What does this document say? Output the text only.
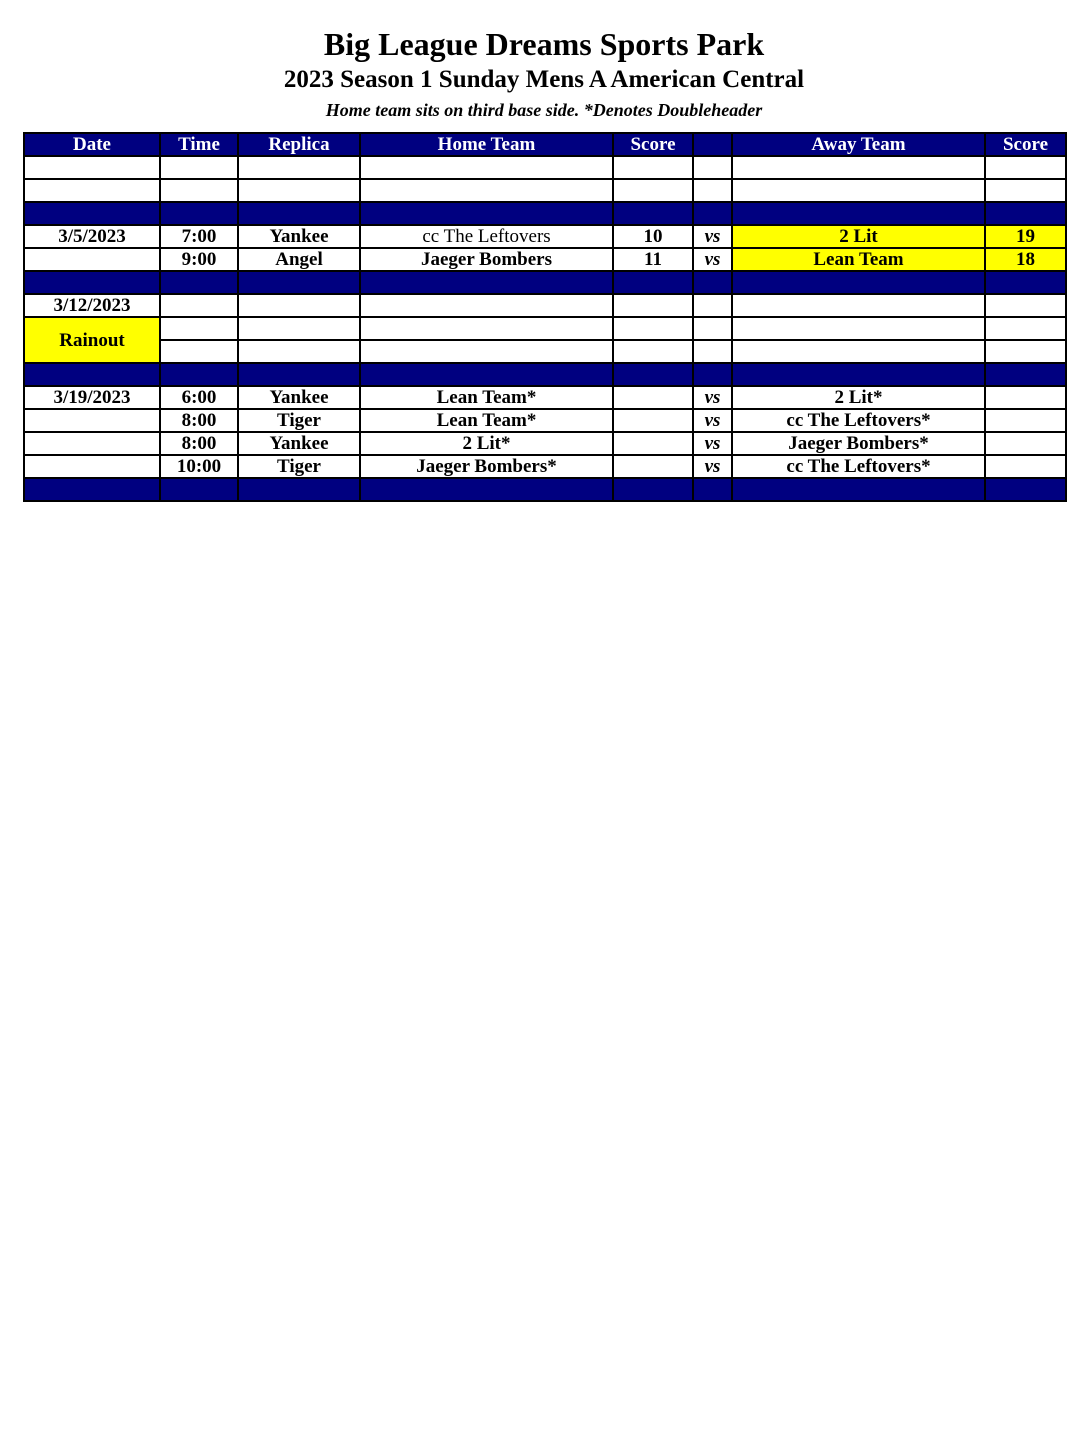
Big League Dreams Sports Park
2023 Season 1 Sunday Mens A American Central
Home team sits on third base side. *Denotes Doubleheader
Date	Time	Replica	Home Team	Score		Away Team	Score

3/5/2023	7:00	Yankee	cc The Leftovers	10	vs	2 Lit	19
	9:00	Angel	Jaeger Bombers	11	vs	Lean Team	18

3/12/2023							
Rainout							

3/19/2023	6:00	Yankee	Lean Team*		vs	2 Lit*	
	8:00	Tiger	Lean Team*		vs	cc The Leftovers*	
	8:00	Yankee	2 Lit*		vs	Jaeger Bombers*	
	10:00	Tiger	Jaeger Bombers*		vs	cc The Leftovers*	
